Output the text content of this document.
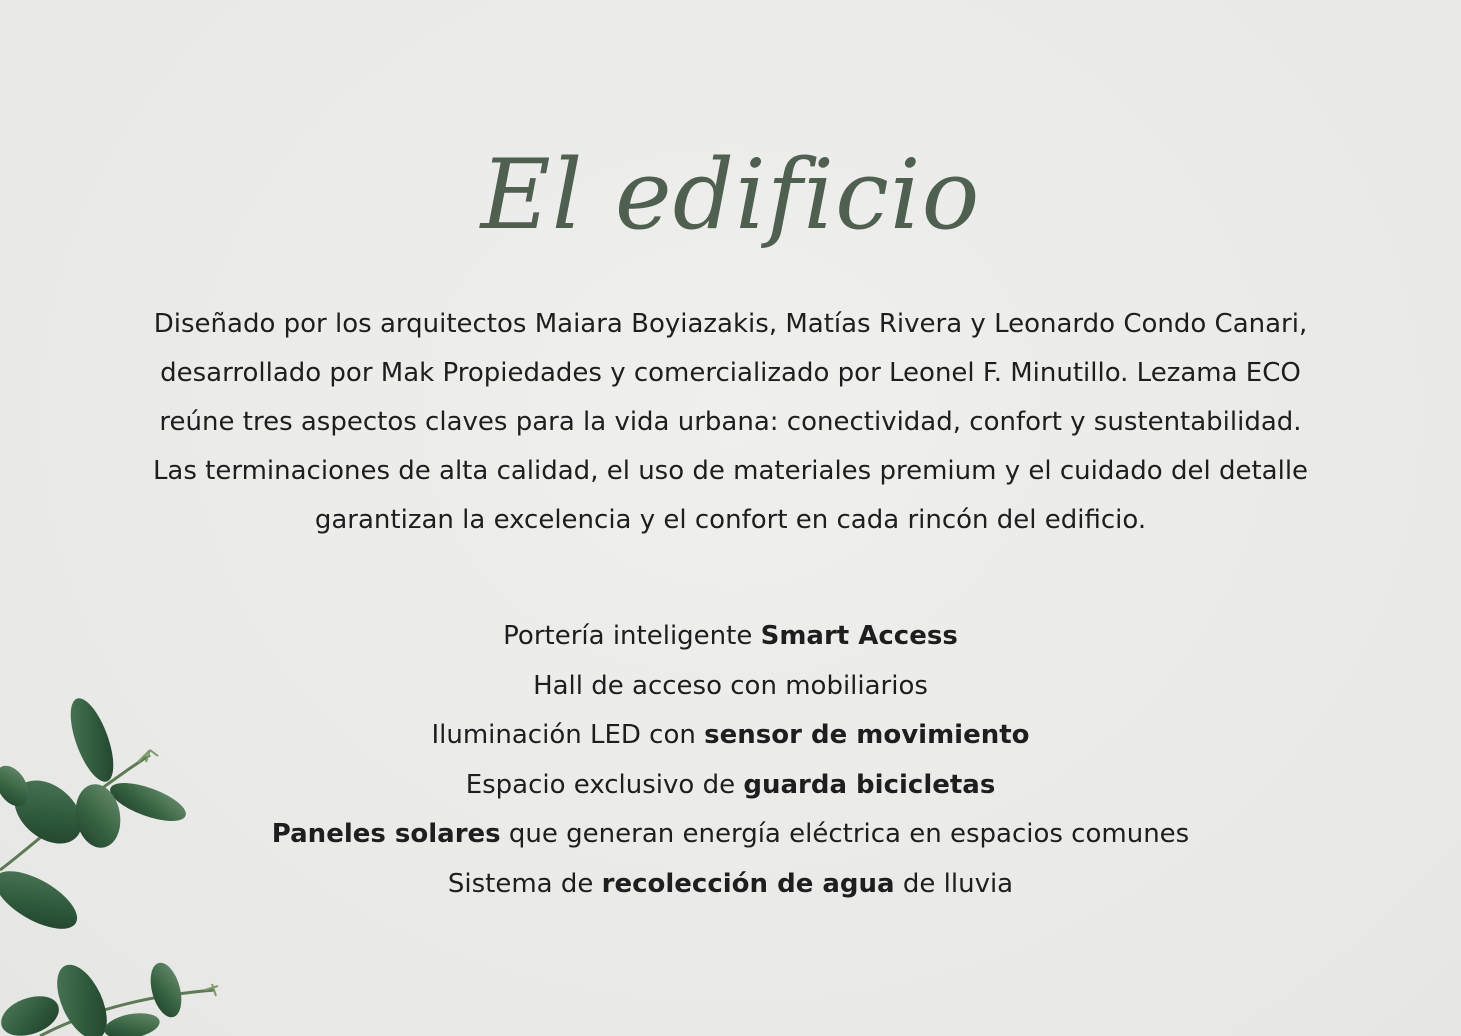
El edificio

Diseñado por los arquitectos Maiara Boyiazakis, Matías Rivera y Leonardo Condo Canari, desarrollado por Mak Propiedades y comercializado por Leonel F. Minutillo. Lezama ECO reúne tres aspectos claves para la vida urbana: conectividad, confort y sustentabilidad. Las terminaciones de alta calidad, el uso de materiales premium y el cuidado del detalle garantizan la excelencia y el confort en cada rincón del edificio.

Portería inteligente Smart Access
Hall de acceso con mobiliarios
Iluminación LED con sensor de movimiento
Espacio exclusivo de guarda bicicletas
Paneles solares que generan energía eléctrica en espacios comunes
Sistema de recolección de agua de lluvia
